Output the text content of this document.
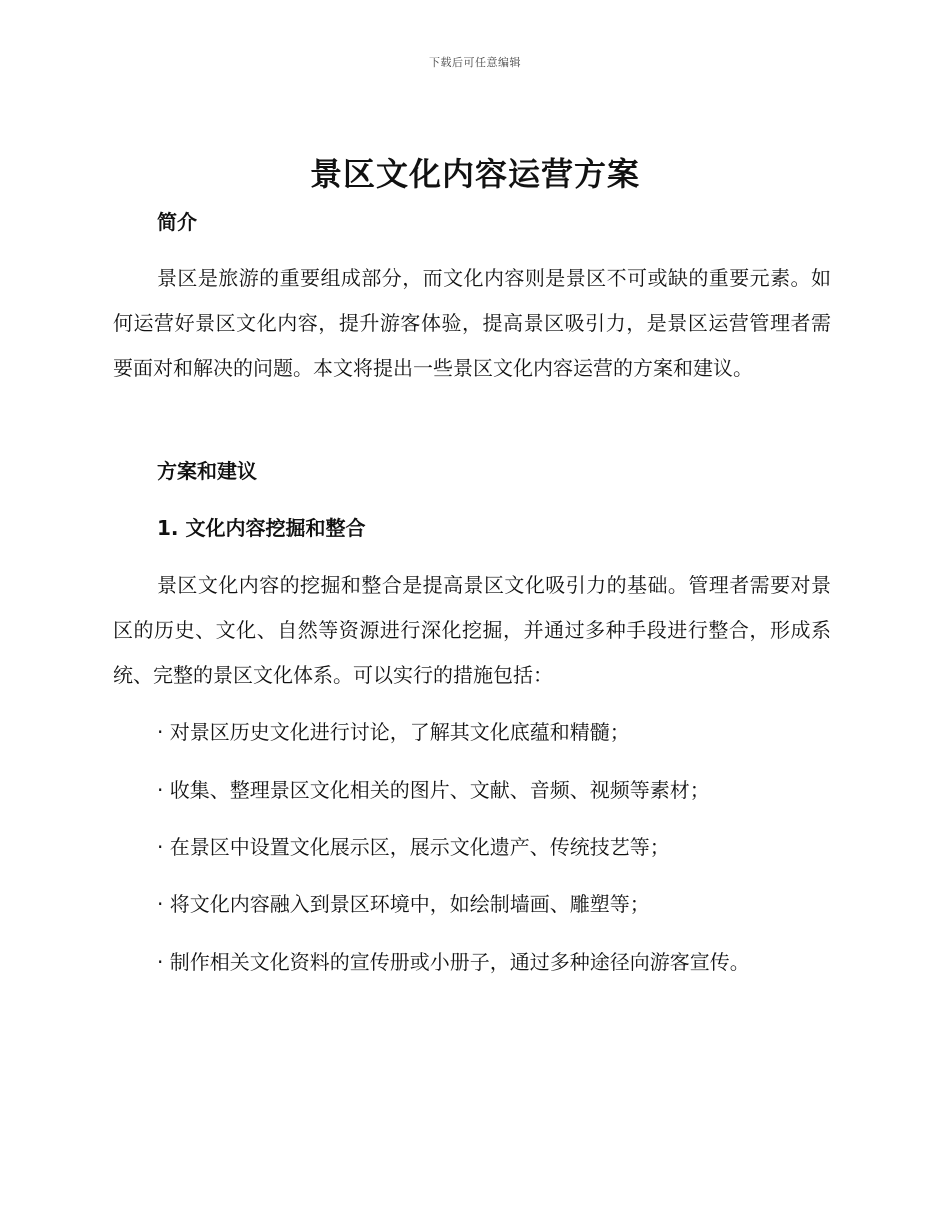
下载后可任意编辑
景区文化内容运营方案
简介

景区是旅游的重要组成部分，而文化内容则是景区不可或缺的重要元素。如何运营好景区文化内容，提升游客体验，提高景区吸引力，是景区运营管理者需要面对和解决的问题。本文将提出一些景区文化内容运营的方案和建议。

方案和建议
1. 文化内容挖掘和整合

景区文化内容的挖掘和整合是提高景区文化吸引力的基础。管理者需要对景区的历史、文化、自然等资源进行深化挖掘，并通过多种手段进行整合，形成系统、完整的景区文化体系。可以实行的措施包括：

· 对景区历史文化进行讨论，了解其文化底蕴和精髓；

· 收集、整理景区文化相关的图片、文献、音频、视频等素材；

· 在景区中设置文化展示区，展示文化遗产、传统技艺等；

· 将文化内容融入到景区环境中，如绘制墙画、雕塑等；

· 制作相关文化资料的宣传册或小册子，通过多种途径向游客宣传。
